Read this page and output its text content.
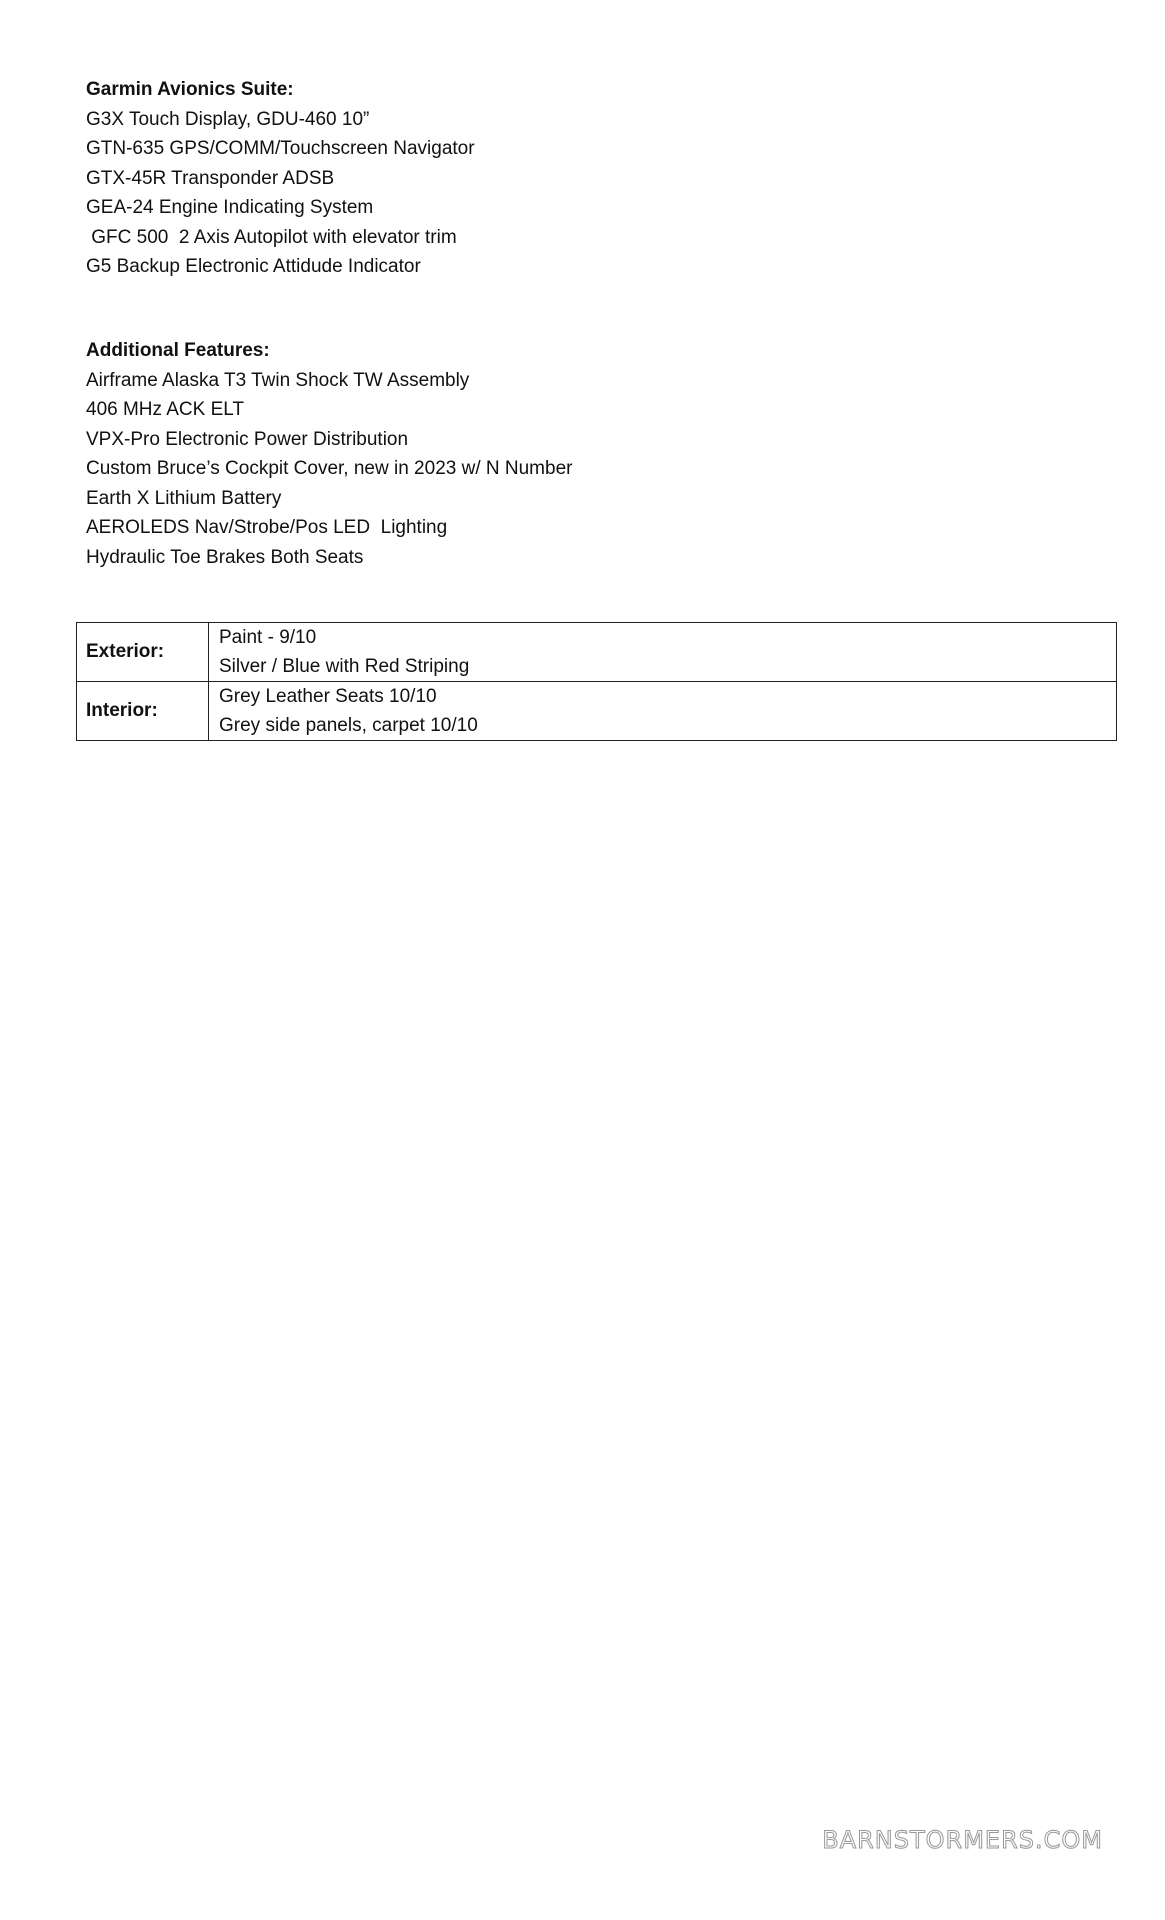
Garmin Avionics Suite:

G3X Touch Display, GDU-460 10”
GTN-635 GPS/COMM/Touchscreen Navigator
GTX-45R Transponder ADSB
GEA-24 Engine Indicating System
GFC 500  2 Axis Autopilot with elevator trim
G5 Backup Electronic Attidude Indicator

Additional Features:

Airframe Alaska T3 Twin Shock TW Assembly
406 MHz ACK ELT
VPX-Pro Electronic Power Distribution
Custom Bruce’s Cockpit Cover, new in 2023 w/ N Number
Earth X Lithium Battery
AEROLEDS Nav/Strobe/Pos LED  Lighting
Hydraulic Toe Brakes Both Seats
Exterior:	Paint - 9/10
Silver / Blue with Red Striping

Interior:	Grey Leather Seats 10/10
Grey side panels, carpet 10/10
BARNSTORMERS.COM
